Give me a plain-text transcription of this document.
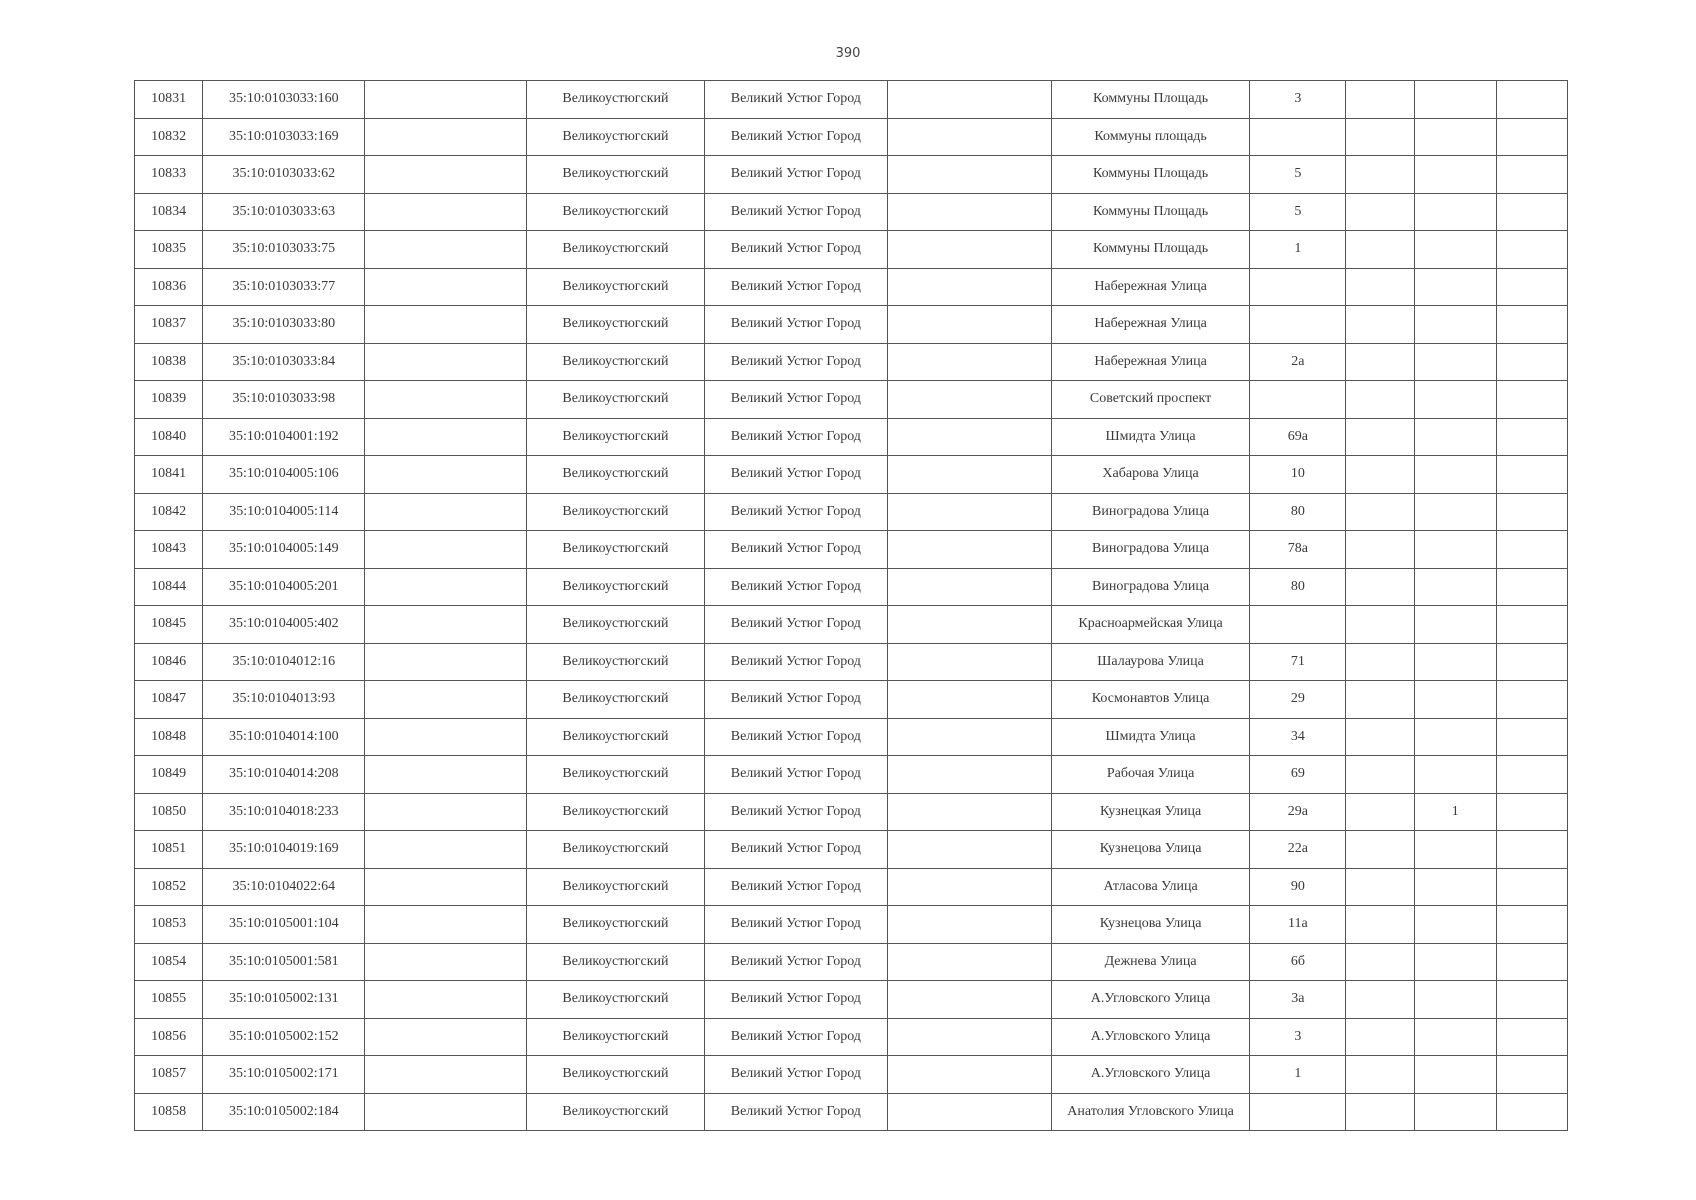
390
10831	35:10:0103033:160		Великоустюгский	Великий Устюг Город		Коммуны Площадь	3			
10832	35:10:0103033:169		Великоустюгский	Великий Устюг Город		Коммуны площадь				
10833	35:10:0103033:62		Великоустюгский	Великий Устюг Город		Коммуны Площадь	5			
10834	35:10:0103033:63		Великоустюгский	Великий Устюг Город		Коммуны Площадь	5			
10835	35:10:0103033:75		Великоустюгский	Великий Устюг Город		Коммуны Площадь	1			
10836	35:10:0103033:77		Великоустюгский	Великий Устюг Город		Набережная Улица				
10837	35:10:0103033:80		Великоустюгский	Великий Устюг Город		Набережная Улица				
10838	35:10:0103033:84		Великоустюгский	Великий Устюг Город		Набережная Улица	2а			
10839	35:10:0103033:98		Великоустюгский	Великий Устюг Город		Советский проспект				
10840	35:10:0104001:192		Великоустюгский	Великий Устюг Город		Шмидта Улица	69а			
10841	35:10:0104005:106		Великоустюгский	Великий Устюг Город		Хабарова Улица	10			
10842	35:10:0104005:114		Великоустюгский	Великий Устюг Город		Виноградова Улица	80			
10843	35:10:0104005:149		Великоустюгский	Великий Устюг Город		Виноградова Улица	78а			
10844	35:10:0104005:201		Великоустюгский	Великий Устюг Город		Виноградова Улица	80			
10845	35:10:0104005:402		Великоустюгский	Великий Устюг Город		Красноармейская Улица				
10846	35:10:0104012:16		Великоустюгский	Великий Устюг Город		Шалаурова Улица	71			
10847	35:10:0104013:93		Великоустюгский	Великий Устюг Город		Космонавтов Улица	29			
10848	35:10:0104014:100		Великоустюгский	Великий Устюг Город		Шмидта Улица	34			
10849	35:10:0104014:208		Великоустюгский	Великий Устюг Город		Рабочая Улица	69			
10850	35:10:0104018:233		Великоустюгский	Великий Устюг Город		Кузнецкая Улица	29а		1	
10851	35:10:0104019:169		Великоустюгский	Великий Устюг Город		Кузнецова Улица	22а			
10852	35:10:0104022:64		Великоустюгский	Великий Устюг Город		Атласова Улица	90			
10853	35:10:0105001:104		Великоустюгский	Великий Устюг Город		Кузнецова Улица	11а			
10854	35:10:0105001:581		Великоустюгский	Великий Устюг Город		Дежнева Улица	6б			
10855	35:10:0105002:131		Великоустюгский	Великий Устюг Город		А.Угловского Улица	3а			
10856	35:10:0105002:152		Великоустюгский	Великий Устюг Город		А.Угловского Улица	3			
10857	35:10:0105002:171		Великоустюгский	Великий Устюг Город		А.Угловского Улица	1			
10858	35:10:0105002:184		Великоустюгский	Великий Устюг Город		Анатолия Угловского Улица				
